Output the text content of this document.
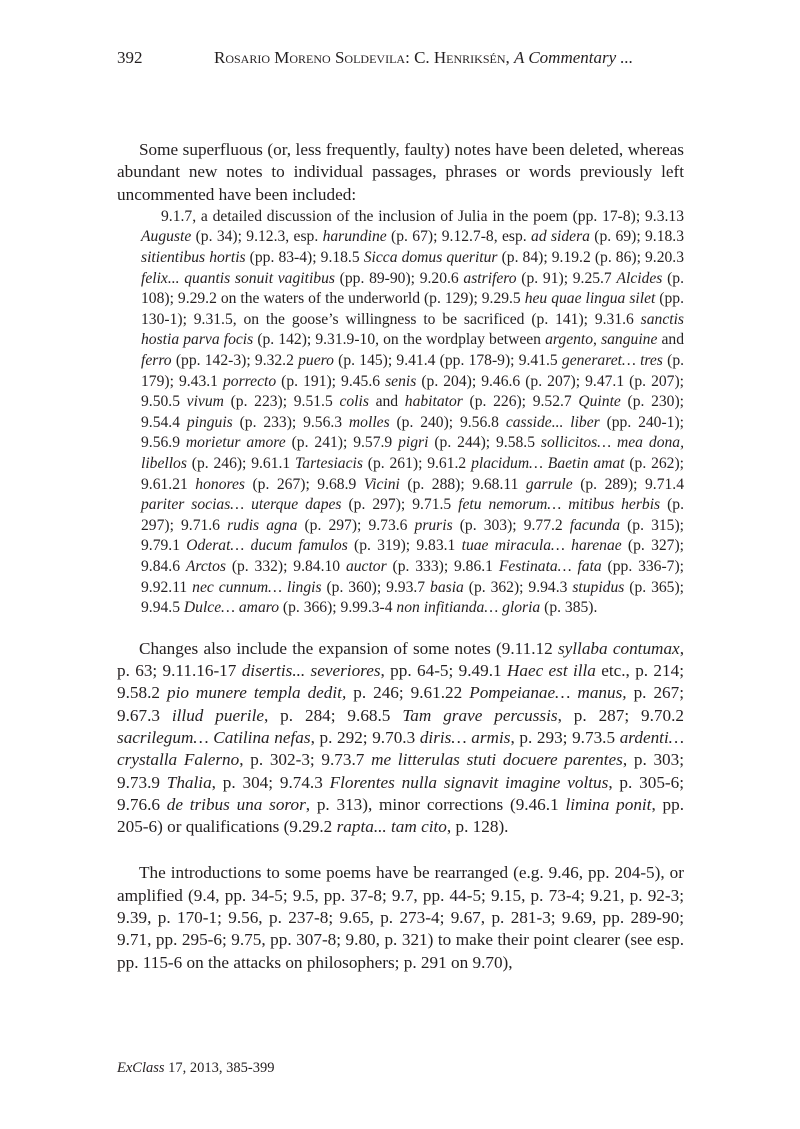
392	Rosario Moreno Soldevila: C. Henriksén, A Commentary ...

Some superfluous (or, less frequently, faulty) notes have been deleted, whereas abundant new notes to individual passages, phrases or words previously left uncommented have been included:

9.1.7, a detailed discussion of the inclusion of Julia in the poem (pp. 17-8); 9.3.13 Auguste (p. 34); 9.12.3, esp. harundine (p. 67); 9.12.7-8, esp. ad sidera (p. 69); 9.18.3 sitientibus hortis (pp. 83-4); 9.18.5 Sicca domus queritur (p. 84); 9.19.2 (p. 86); 9.20.3 felix... quantis sonuit vagitibus (pp. 89-90); 9.20.6 astrifero (p. 91); 9.25.7 Alcides (p. 108); 9.29.2 on the waters of the underworld (p. 129); 9.29.5 heu quae lingua silet (pp. 130-1); 9.31.5, on the goose’s willingness to be sacrificed (p. 141); 9.31.6 sanctis hostia parva focis (p. 142); 9.31.9-10, on the wordplay between argento, sanguine and ferro (pp. 142-3); 9.32.2 puero (p. 145); 9.41.4 (pp. 178-9); 9.41.5 generaret… tres (p. 179); 9.43.1 porrecto (p. 191); 9.45.6 senis (p. 204); 9.46.6 (p. 207); 9.47.1 (p. 207); 9.50.5 vivum (p. 223); 9.51.5 colis and habitator (p. 226); 9.52.7 Quinte (p. 230); 9.54.4 pinguis (p. 233); 9.56.3 molles (p. 240); 9.56.8 casside... liber (pp. 240-1); 9.56.9 morietur amore (p. 241); 9.57.9 pigri (p. 244); 9.58.5 sollicitos… mea dona, libellos (p. 246); 9.61.1 Tartesiacis (p. 261); 9.61.2 placidum… Baetin amat (p. 262); 9.61.21 honores (p. 267); 9.68.9 Vicini (p. 288); 9.68.11 garrule (p. 289); 9.71.4 pariter socias… uterque dapes (p. 297); 9.71.5 fetu nemorum… mitibus herbis (p. 297); 9.71.6 rudis agna (p. 297); 9.73.6 pruris (p. 303); 9.77.2 facunda (p. 315); 9.79.1 Oderat… ducum famulos (p. 319); 9.83.1 tuae miracula… harenae (p. 327); 9.84.6 Arctos (p. 332); 9.84.10 auctor (p. 333); 9.86.1 Festinata… fata (pp. 336-7); 9.92.11 nec cunnum… lingis (p. 360); 9.93.7 basia (p. 362); 9.94.3 stupidus (p. 365); 9.94.5 Dulce… amaro (p. 366); 9.99.3-4 non infitianda… gloria (p. 385).

Changes also include the expansion of some notes (9.11.12 syllaba contumax, p. 63; 9.11.16-17 disertis... severiores, pp. 64-5; 9.49.1 Haec est illa etc., p. 214; 9.58.2 pio munere templa dedit, p. 246; 9.61.22 Pompeianae… manus, p. 267; 9.67.3 illud puerile, p. 284; 9.68.5 Tam grave percussis, p. 287; 9.70.2 sacrilegum… Catilina nefas, p. 292; 9.70.3 diris… armis, p. 293; 9.73.5 ardenti… crystalla Falerno, p. 302-3; 9.73.7 me litterulas stuti docuere parentes, p. 303; 9.73.9 Thalia, p. 304; 9.74.3 Florentes nulla signavit imagine voltus, p. 305-6; 9.76.6 de tribus una soror, p. 313), minor corrections (9.46.1 limina ponit, pp. 205-6) or qualifications (9.29.2 rapta... tam cito, p. 128).

The introductions to some poems have be rearranged (e.g. 9.46, pp. 204-5), or amplified (9.4, pp. 34-5; 9.5, pp. 37-8; 9.7, pp. 44-5; 9.15, p. 73-4; 9.21, p. 92-3; 9.39, p. 170-1; 9.56, p. 237-8; 9.65, p. 273-4; 9.67, p. 281-3; 9.69, pp. 289-90; 9.71, pp. 295-6; 9.75, pp. 307-8; 9.80, p. 321) to make their point clearer (see esp. pp. 115-6 on the attacks on philosophers; p. 291 on 9.70),

ExClass 17, 2013, 385-399
